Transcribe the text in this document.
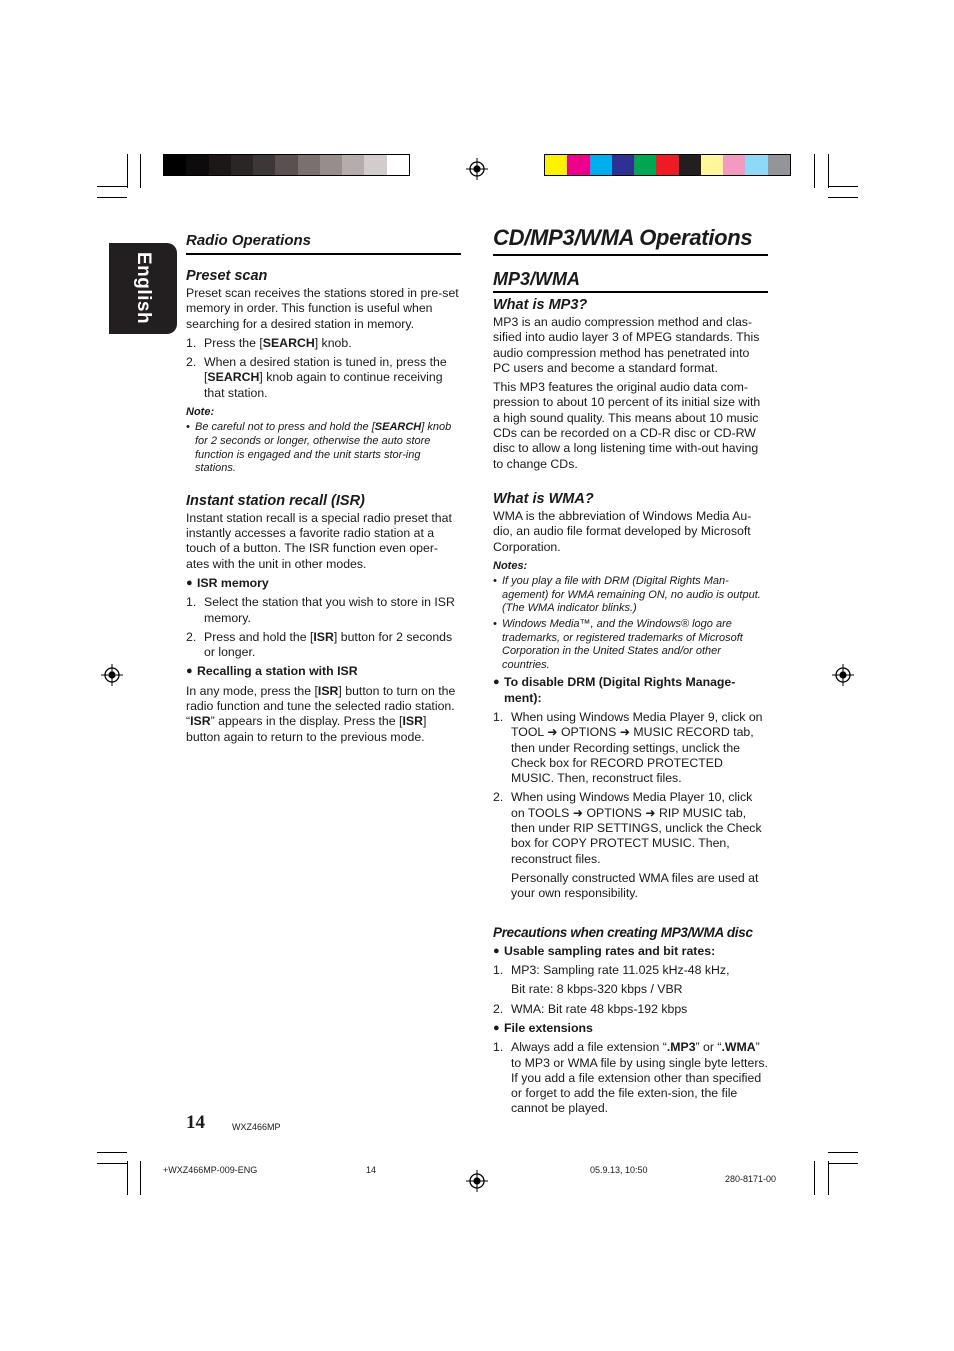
English
Radio Operations
Preset scan

Preset scan receives the stations stored in pre-set memory in order. This function is useful when searching for a desired station in memory.

1. Press the [SEARCH] knob.
2. When a desired station is tuned in, press the [SEARCH] knob again to continue receiving that station.
Note:
• Be careful not to press and hold the [SEARCH] knob for 2 seconds or longer, otherwise the auto store function is engaged and the unit starts stor-ing stations.
Instant station recall (ISR)

Instant station recall is a special radio preset that instantly accesses a favorite radio station at a touch of a button. The ISR function even oper-ates with the unit in other modes.

● ISR memory
1. Select the station that you wish to store in ISR memory.
2. Press and hold the [ISR] button for 2 seconds or longer.
● Recalling a station with ISR

In any mode, press the [ISR] button to turn on the radio function and tune the selected radio station. “ISR” appears in the display. Press the [ISR] button again to return to the previous mode.

CD/MP3/WMA Operations
MP3/WMA
What is MP3?

MP3 is an audio compression method and clas-sified into audio layer 3 of MPEG standards. This audio compression method has penetrated into PC users and become a standard format.

This MP3 features the original audio data com-pression to about 10 percent of its initial size with a high sound quality. This means about 10 music CDs can be recorded on a CD-R disc or CD-RW disc to allow a long listening time with-out having to change CDs.

What is WMA?

WMA is the abbreviation of Windows Media Au-dio, an audio file format developed by Microsoft Corporation.

Notes:
• If you play a file with DRM (Digital Rights Man-agement) for WMA remaining ON, no audio is output. (The WMA indicator blinks.)
• Windows Media™, and the Windows® logo are trademarks, or registered trademarks of Microsoft Corporation in the United States and/or other countries.
● To disable DRM (Digital Rights Manage-ment):
1. When using Windows Media Player 9, click on TOOL ➜ OPTIONS ➜ MUSIC RECORD tab, then under Recording settings, unclick the Check box for RECORD PROTECTED MUSIC. Then, reconstruct files.
2. When using Windows Media Player 10, click on TOOLS ➜ OPTIONS ➜ RIP MUSIC tab, then under RIP SETTINGS, unclick the Check box for COPY PROTECT MUSIC. Then, reconstruct files.
Personally constructed WMA files are used at your own responsibility.
Precautions when creating MP3/WMA disc
● Usable sampling rates and bit rates:
1. MP3: Sampling rate 11.025 kHz-48 kHz,
Bit rate: 8 kbps-320 kbps / VBR
2. WMA: Bit rate 48 kbps-192 kbps
● File extensions
1. Always add a file extension “.MP3” or “.WMA” to MP3 or WMA file by using single byte letters. If you add a file extension other than specified or forget to add the file exten-sion, the file cannot be played.
14	WXZ466MP
+WXZ466MP-009-ENG	14	05.9.13, 10:50
280-8171-00
